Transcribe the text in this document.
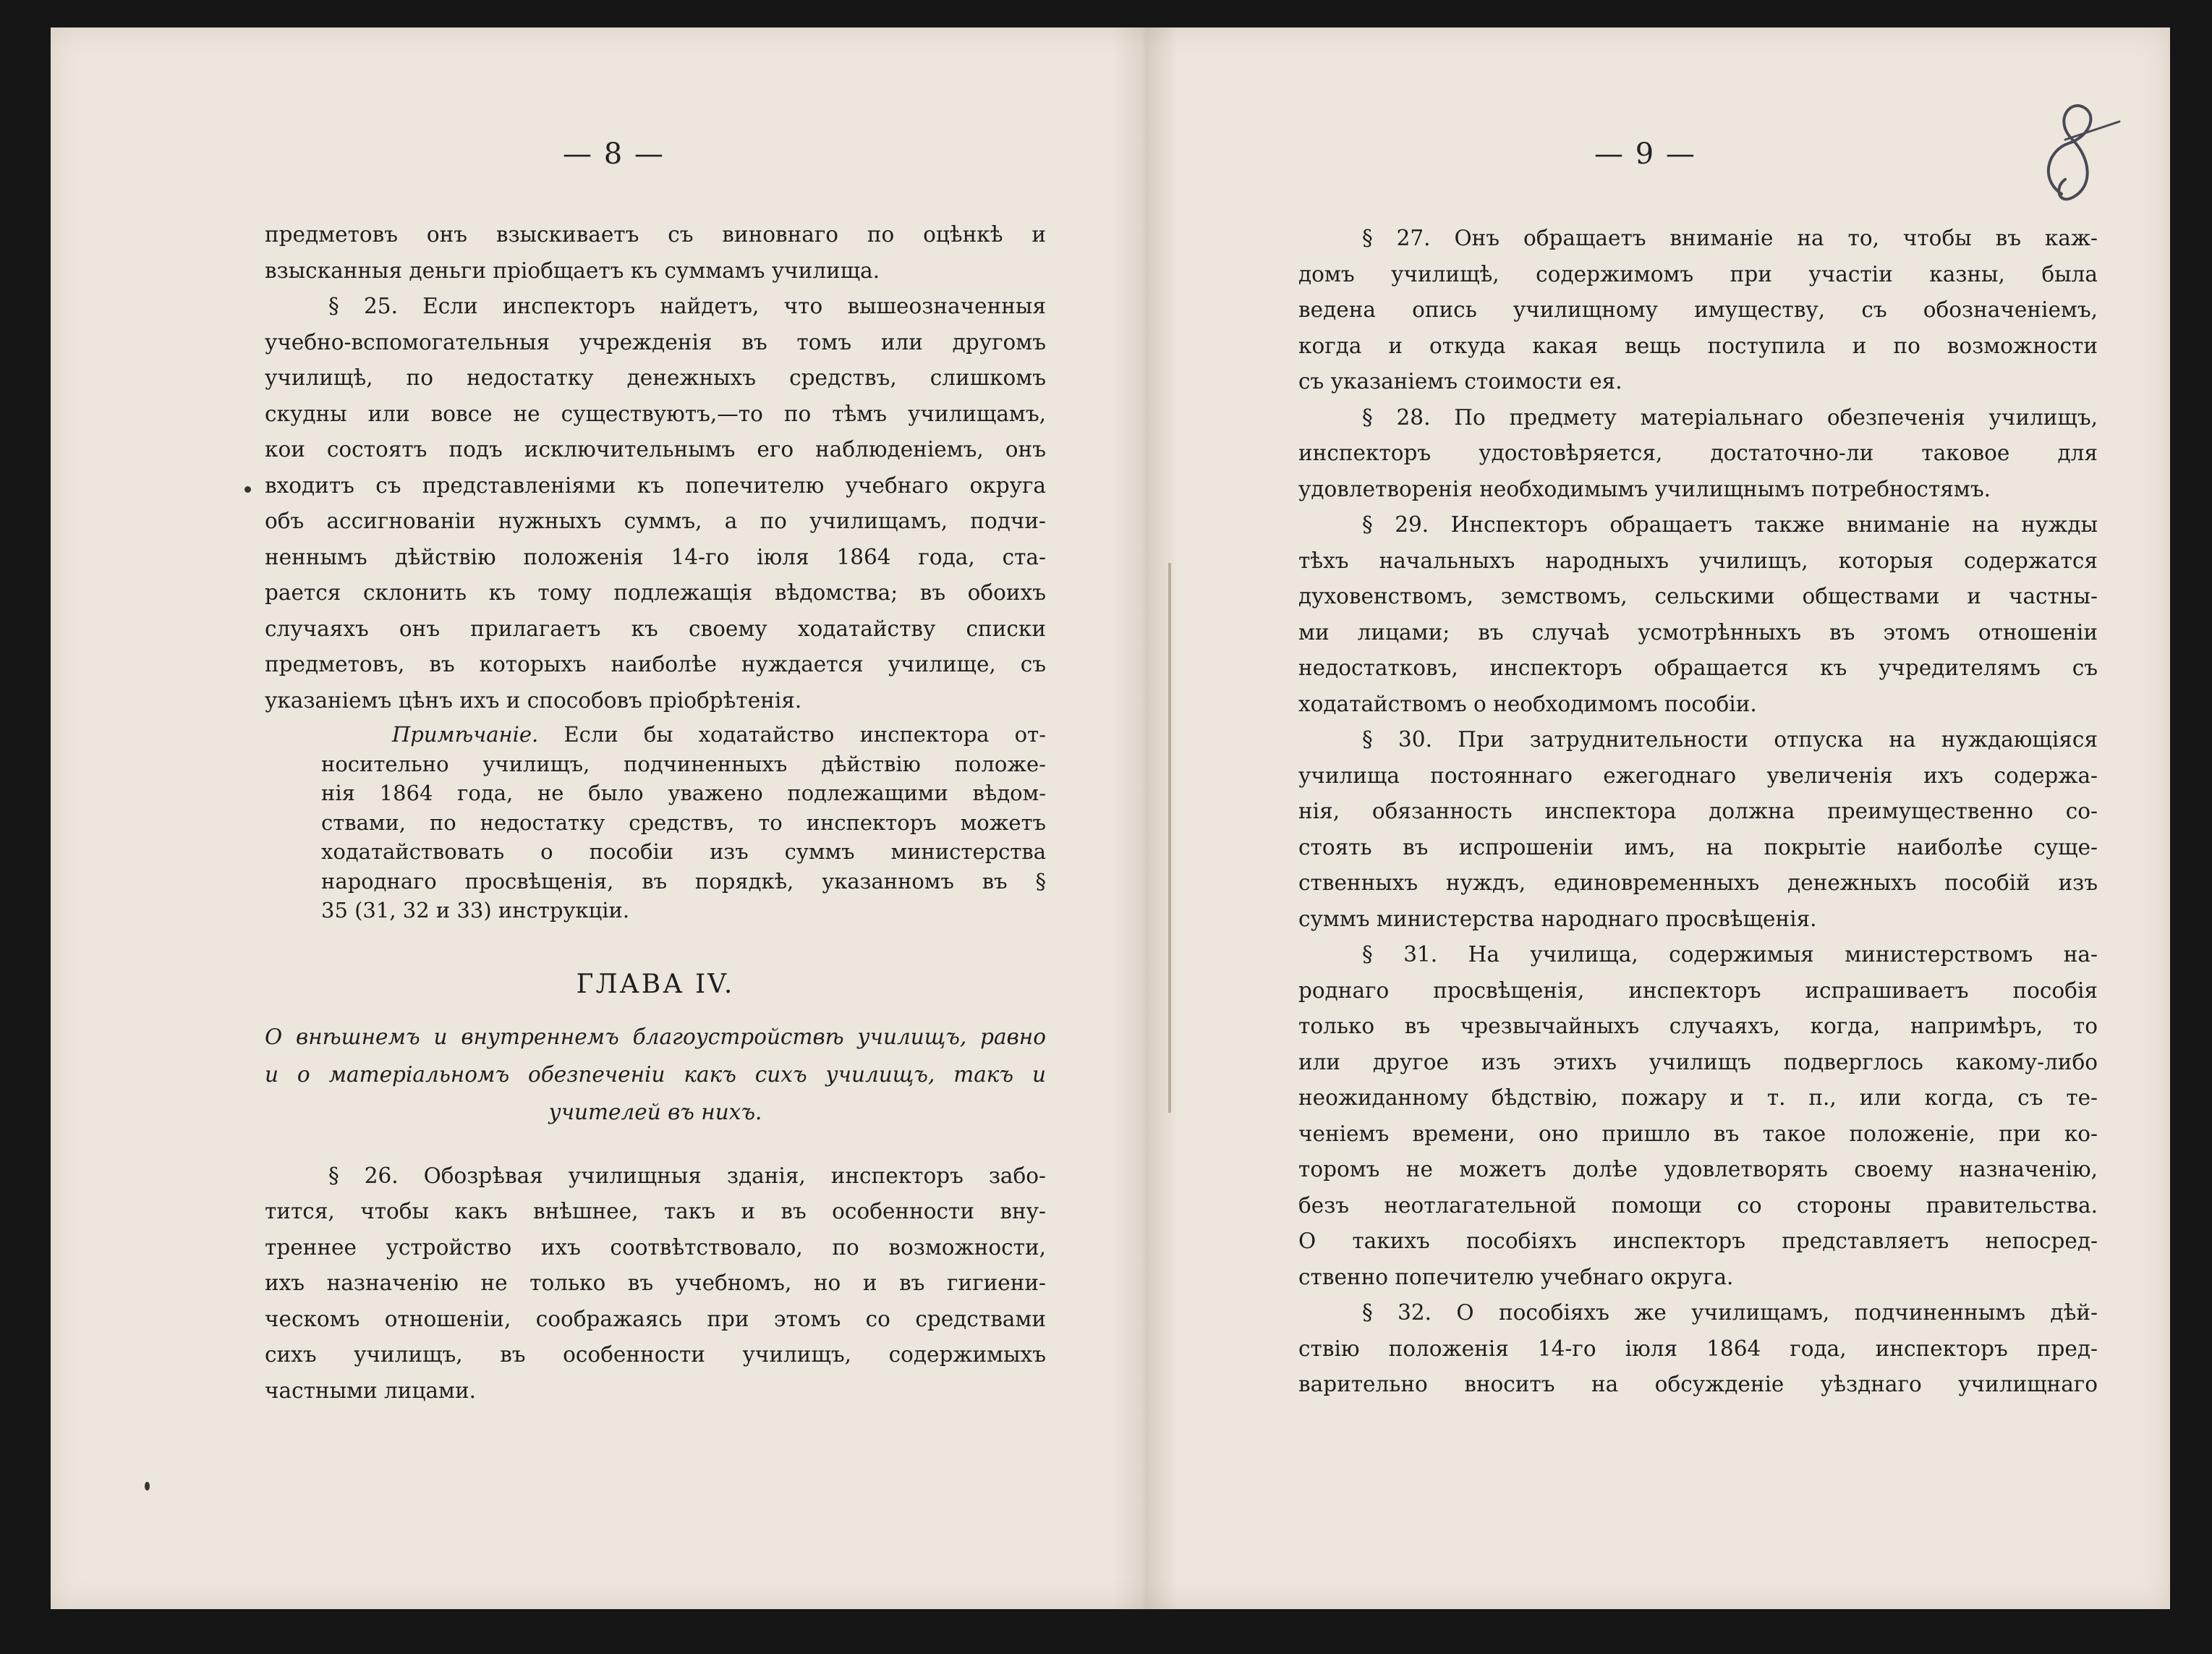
— 8 —

предметовъ онъ взыскиваетъ съ виновнаго по оцѣнкѣ и
взысканныя деньги пріобщаетъ къ суммамъ училища.

§ 25. Если инспекторъ найдетъ, что вышеозначенныя
учебно-вспомогательныя учрежденія въ томъ или другомъ
училищѣ, по недостатку денежныхъ средствъ, слишкомъ
скудны или вовсе не существуютъ,—то по тѣмъ училищамъ,
кои состоятъ подъ исключительнымъ его наблюденіемъ, онъ
входитъ съ представленіями къ попечителю учебнаго округа
объ ассигнованіи нужныхъ суммъ, а по училищамъ, подчи-
неннымъ дѣйствію положенія 14-го іюля 1864 года, ста-
рается склонить къ тому подлежащія вѣдомства; въ обоихъ
случаяхъ онъ прилагаетъ къ своему ходатайству списки
предметовъ, въ которыхъ наиболѣе нуждается училище, съ
указаніемъ цѣнъ ихъ и способовъ пріобрѣтенія.

Примѣчаніе. Если бы ходатайство инспектора от-
носительно училищъ, подчиненныхъ дѣйствію положе-
нія 1864 года, не было уважено подлежащими вѣдом-
ствами, по недостатку средствъ, то инспекторъ можетъ
ходатайствовать о пособіи изъ суммъ министерства
народнаго просвѣщенія, въ порядкѣ, указанномъ въ §
35 (31, 32 и 33) инструкціи.
ГЛАВА IV.
О внѣшнемъ и внутреннемъ благоустройствѣ училищъ, равно
и о матеріальномъ обезпеченіи какъ сихъ училищъ, такъ и
учителей въ нихъ.

§ 26. Обозрѣвая училищныя зданія, инспекторъ забо-
тится, чтобы какъ внѣшнее, такъ и въ особенности вну-
треннее устройство ихъ соотвѣтствовало, по возможности,
ихъ назначенію не только въ учебномъ, но и въ гигиени-
ческомъ отношеніи, соображаясь при этомъ со средствами
сихъ училищъ, въ особенности училищъ, содержимыхъ
частными лицами.

— 9 —

§ 27. Онъ обращаетъ вниманіе на то, чтобы въ каж-
домъ училищѣ, содержимомъ при участіи казны, была
ведена опись училищному имуществу, съ обозначеніемъ,
когда и откуда какая вещь поступила и по возможности
съ указаніемъ стоимости ея.

§ 28. По предмету матеріальнаго обезпеченія училищъ,
инспекторъ удостовѣряется, достаточно-ли таковое для
удовлетворенія необходимымъ училищнымъ потребностямъ.

§ 29. Инспекторъ обращаетъ также вниманіе на нужды
тѣхъ начальныхъ народныхъ училищъ, которыя содержатся
духовенствомъ, земствомъ, сельскими обществами и частны-
ми лицами; въ случаѣ усмотрѣнныхъ въ этомъ отношеніи
недостатковъ, инспекторъ обращается къ учредителямъ съ
ходатайствомъ о необходимомъ пособіи.

§ 30. При затруднительности отпуска на нуждающіяся
училища постояннаго ежегоднаго увеличенія ихъ содержа-
нія, обязанность инспектора должна преимущественно со-
стоять въ испрошеніи имъ, на покрытіе наиболѣе суще-
ственныхъ нуждъ, единовременныхъ денежныхъ пособій изъ
суммъ министерства народнаго просвѣщенія.

§ 31. На училища, содержимыя министерствомъ на-
роднаго просвѣщенія, инспекторъ испрашиваетъ пособія
только въ чрезвычайныхъ случаяхъ, когда, напримѣръ, то
или другое изъ этихъ училищъ подверглось какому-либо
неожиданному бѣдствію, пожару и т. п., или когда, съ те-
ченіемъ времени, оно пришло въ такое положеніе, при ко-
торомъ не можетъ долѣе удовлетворять своему назначенію,
безъ неотлагательной помощи со стороны правительства.
О такихъ пособіяхъ инспекторъ представляетъ непосред-
ственно попечителю учебнаго округа.

§ 32. О пособіяхъ же училищамъ, подчиненнымъ дѣй-
ствію положенія 14-го іюля 1864 года, инспекторъ пред-
варительно вноситъ на обсужденіе уѣзднаго училищнаго
